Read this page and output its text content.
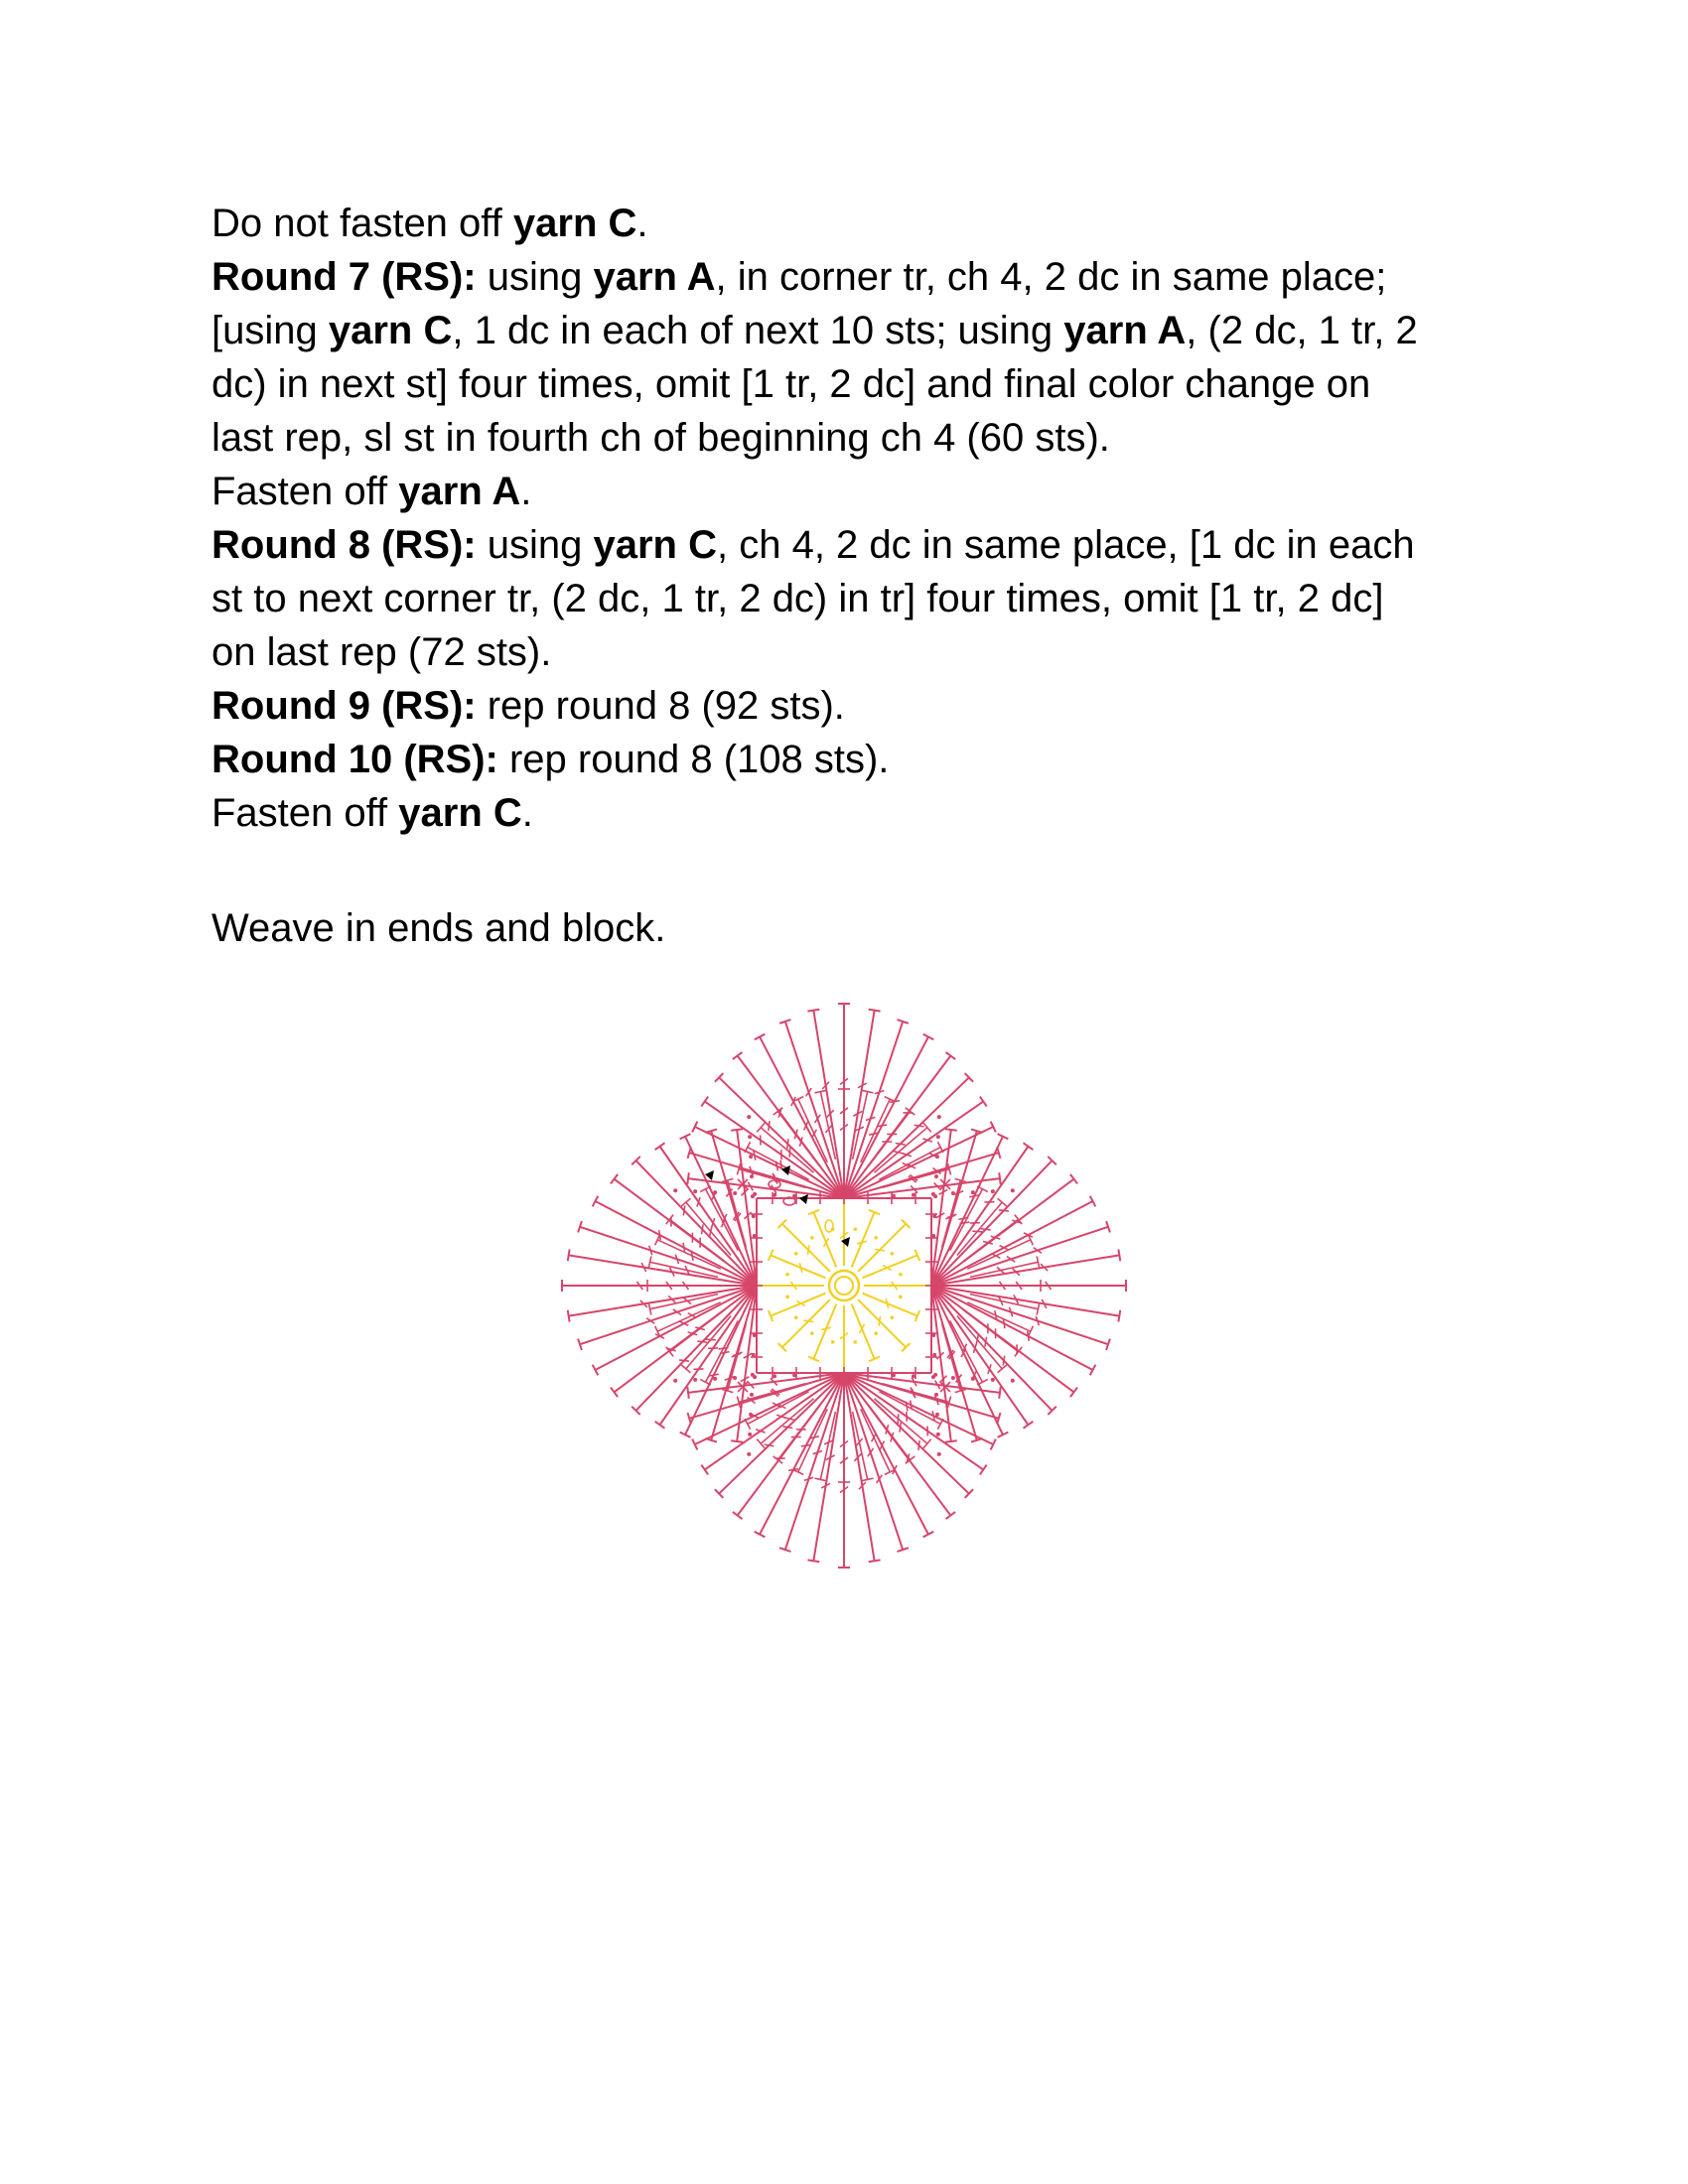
Do not fasten off yarn C.
Round 7 (RS): using yarn A, in corner tr, ch 4, 2 dc in same place;
[using yarn C, 1 dc in each of next 10 sts; using yarn A, (2 dc, 1 tr, 2
dc) in next st] four times, omit [1 tr, 2 dc] and final color change on
last rep, sl st in fourth ch of beginning ch 4 (60 sts).
Fasten off yarn A.
Round 8 (RS): using yarn C, ch 4, 2 dc in same place, [1 dc in each
st to next corner tr, (2 dc, 1 tr, 2 dc) in tr] four times, omit [1 tr, 2 dc]
on last rep (72 sts).
Round 9 (RS): rep round 8 (92 sts).
Round 10 (RS): rep round 8 (108 sts).
Fasten off yarn C.
Weave in ends and block.
